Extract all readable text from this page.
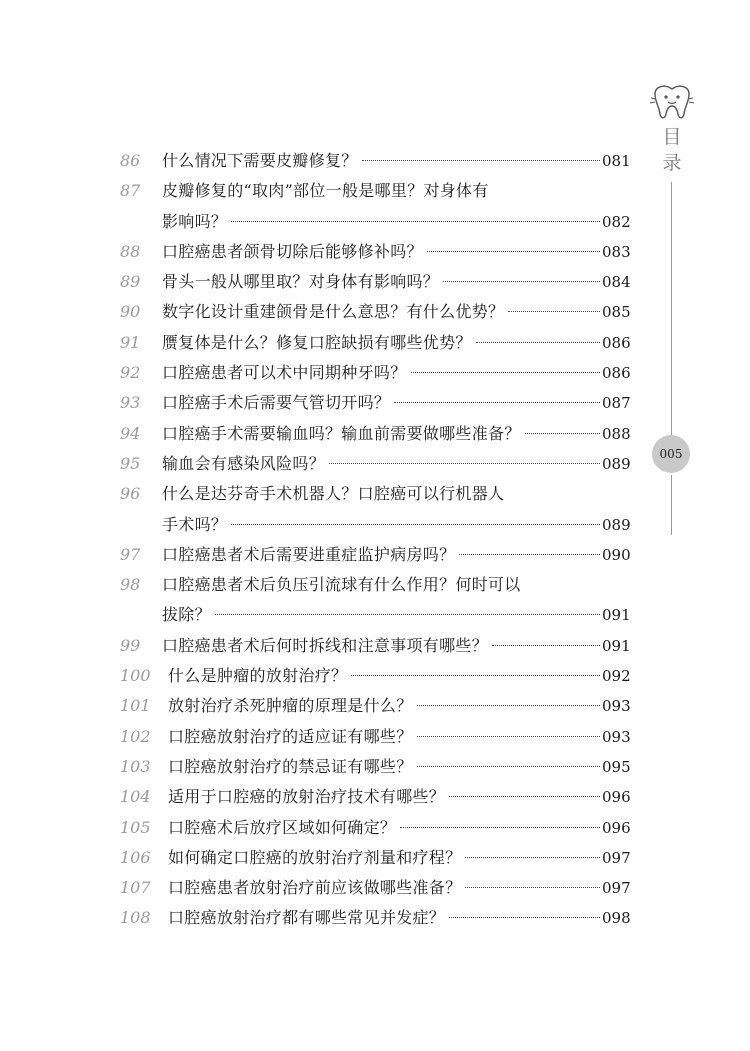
目
录
005
86	什么情况下需要皮瓣修复？	081
87	皮瓣修复的“取肉”部位一般是哪里？对身体有
影响吗？	082
88	口腔癌患者颌骨切除后能够修补吗？	083
89	骨头一般从哪里取？对身体有影响吗？	084
90	数字化设计重建颌骨是什么意思？有什么优势？	085
91	赝复体是什么？修复口腔缺损有哪些优势？	086
92	口腔癌患者可以术中同期种牙吗？	086
93	口腔癌手术后需要气管切开吗？	087
94	口腔癌手术需要输血吗？输血前需要做哪些准备？	088
95	输血会有感染风险吗？	089
96	什么是达芬奇手术机器人？口腔癌可以行机器人
手术吗？	089
97	口腔癌患者术后需要进重症监护病房吗？	090
98	口腔癌患者术后负压引流球有什么作用？何时可以
拔除？	091
99	口腔癌患者术后何时拆线和注意事项有哪些？	091
100	什么是肿瘤的放射治疗？	092
101	放射治疗杀死肿瘤的原理是什么？	093
102	口腔癌放射治疗的适应证有哪些？	093
103	口腔癌放射治疗的禁忌证有哪些？	095
104	适用于口腔癌的放射治疗技术有哪些？	096
105	口腔癌术后放疗区域如何确定？	096
106	如何确定口腔癌的放射治疗剂量和疗程？	097
107	口腔癌患者放射治疗前应该做哪些准备？	097
108	口腔癌放射治疗都有哪些常见并发症？	098
